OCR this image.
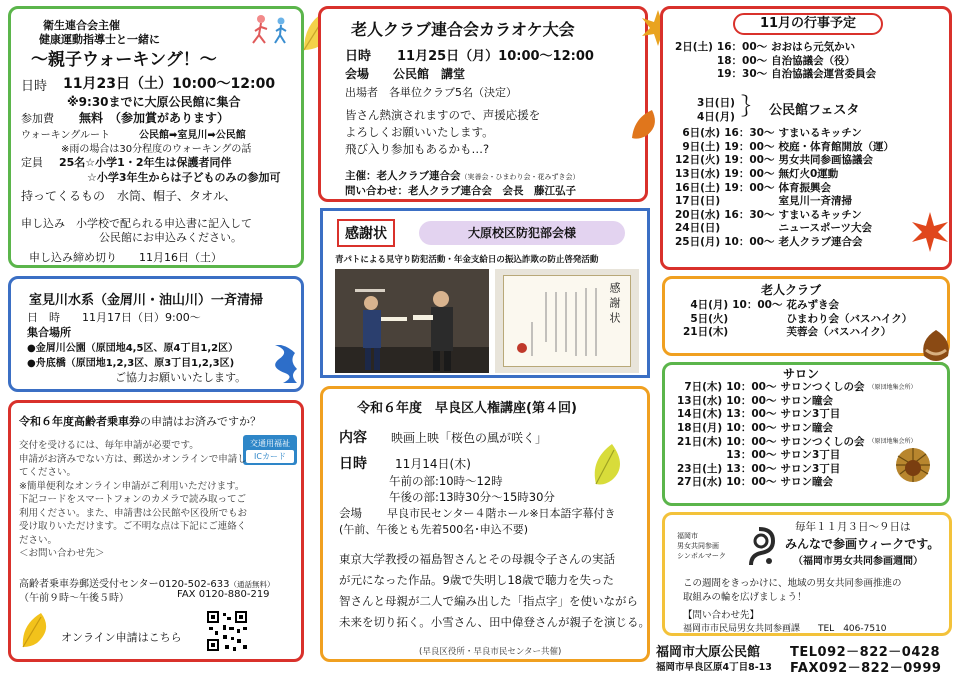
衛生連合会主催
健康運動指導士と一緒に
～親子ウォーキング！～
日時 11月23日（土）10:00～12:00
※9:30までに大原公民館に集合
参加費 無料　（参加賞があります）
ウォーキングルート	公民館➡室見川➡公民館
※雨の場合は30分程度のウォーキングの話
定員 25名☆小学1・2年生は保護者同伴
☆小学3年生からは子どものみの参加可
持ってくるもの　水筒、帽子、タオル、
申し込み　小学校で配られる申込書に記入して
公民館にお申込みください。
申し込み締め切り　　11月16日（土）
室見川水系（金屑川・油山川）一斉清掃
日　時　　11月17日（日）9:00～
集合場所
●金屑川公園（原団地4,5区、原4丁目1,2区）
●舟底橋（原団地1,2,3区、原3丁目1,2,3区)
ご協力お願いいたします。
令和６年度高齢者乗車券の申請はお済みですか？
交通用福祉
ICカード
交付を受けるには、毎年申請が必要です。
申請がお済みでない方は、郵送かオンラインで申請し
てください。
※簡単便利なオンライン申請がご利用いただけます。
下記コードをスマートフォンのカメラで読み取ってご
利用ください。また、申請書は公民館や区役所でもお
受け取りいただけます。ご不明な点は下記にご連絡く
ださい。
＜お問い合わせ先＞
高齢者乗車券郵送受付センター0120-502-633（通話無料）
（午前９時～午後５時）	FAX 0120-880-219
オンライン申請はこちら
老人クラブ連合会カラオケ大会
日時　　11月25日（月）10:00～12:00
会場　　公民館　講堂
出場者　各単位クラブ5名（決定）
皆さん熱演されますので、声援応援を
よろしくお願いいたします。
飛び入り参加もあるかも…?
主催：老人クラブ連合会（実善会・ひまわり会・花みずき会）
問い合わせ：老人クラブ連合会　会長　藤江弘子
感謝状	大原校区防犯部会様
青パトによる見守り防犯活動・年金支給日の振込詐欺の防止啓発活動
感謝状
令和６年度　早良区人権講座(第４回)
内容 映画上映「桜色の風が咲く」
日時 11月14日(木)
午前の部:10時～12時
午後の部:13時30分～15時30分
会場 早良市民センター４階ホール※日本語字幕付き
(午前、午後とも先着500名･申込不要)
東京大学教授の福島智さんとその母親令子さんの実話
が元になった作品。9歳で失明し18歳で聴力を失った
智さんと母親が二人で編み出した「指点字」を使いながら
未来を切り拓く。小雪さん、田中偉登さんが親子を演じる。
(早良区役所・早良市民センター共催)
11月の行事予定
2日(土)	16：00～	おおはら元気かい
	18：00～	自治協議会（役）
	19：30～	自治協議会運営委員会
3日(日)
4日(月) ｝ 公民館フェスタ
6日(水)	16：30～	すまいるキッチン
9日(土)	19：00～	校庭・体育館開放（運）
12日(火)	19：00～	男女共同参画協議会
13日(水)	19：00～	無灯火0運動
16日(土)	19：00～	体育振興会
17日(日)		室見川一斉清掃
20日(水)	16：30～	すまいるキッチン
24日(日)		ニュースポーツ大会
25日(月)	10：00～	老人クラブ連合会
老人クラブ
4日(月)	10：00～	花みずき会
5日(火)		ひまわり会（バスハイク）
21日(木)		芙蓉会（バスハイク）
サロン
7日(木)	10：00～	サロンつくしの会	（原団地集会所）
13日(水)	10：00～	サロン瞳会	
14日(木)	13：00～	サロン3丁目	
18日(月)	10：00～	サロン瞳会	
21日(木)	10：00～	サロンつくしの会	（原団地集会所）
	13：00～	サロン3丁目	
23日(土)	13：00～	サロン3丁目	
27日(水)	10：00～	サロン瞳会	
毎年１１月３日～９日は
福岡市
男女共同参画
シンボルマーク
みんなで参画ウィークです。
（福岡市男女共同参画週間）
この週間をきっかけに、地域の男女共同参画推進の
取組みの輪を広げましょう！
【問い合わせ先】
福岡市市民局男女共同参画課　　TEL　406-7510
福岡市大原公民館 TEL092－822－0428
福岡市早良区原4丁目8-13 FAX092－822－0999
